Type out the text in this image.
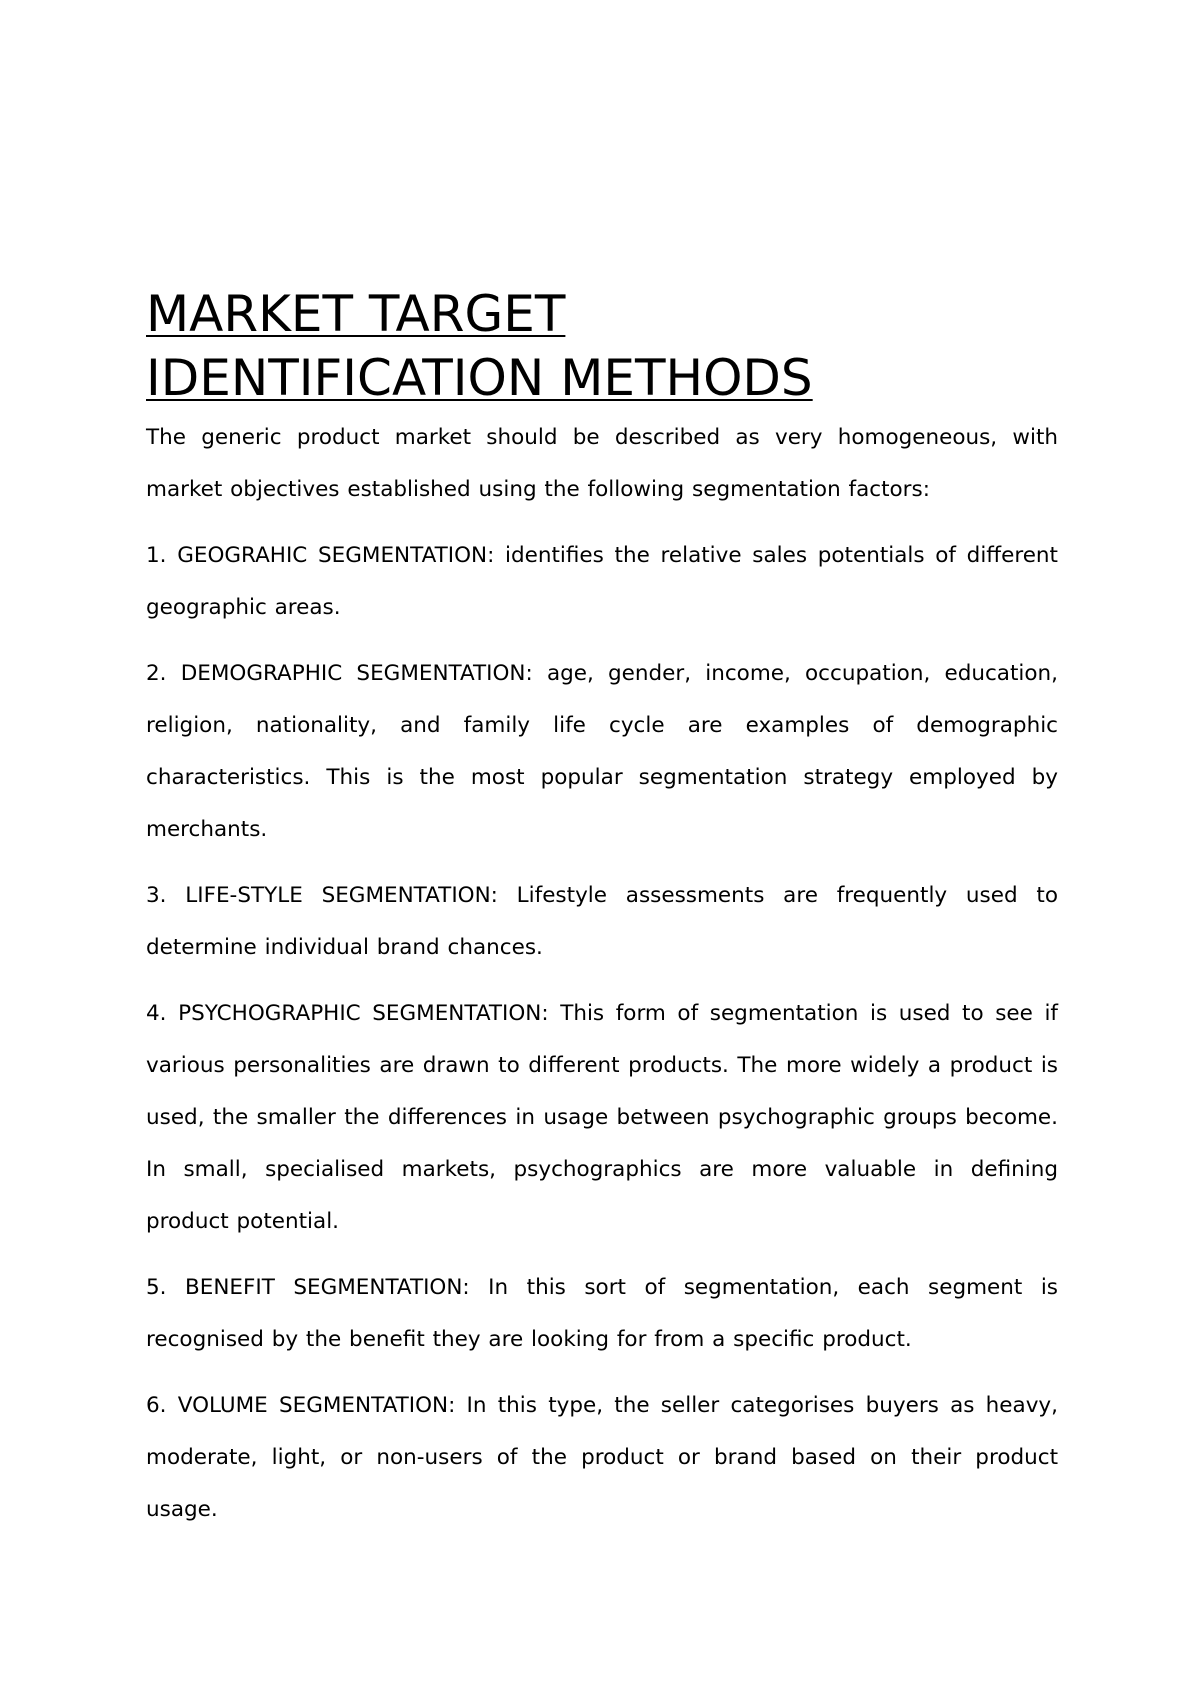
MARKET TARGET
IDENTIFICATION METHODS

The generic product market should be described as very homogeneous, with market objectives established using the following segmentation factors:

1. GEOGRAHIC SEGMENTATION: identifies the relative sales potentials of different geographic areas.

2. DEMOGRAPHIC SEGMENTATION: age, gender, income, occupation, education, religion, nationality, and family life cycle are examples of demographic characteristics. This is the most popular segmentation strategy employed by merchants.

3. LIFE-STYLE SEGMENTATION: Lifestyle assessments are frequently used to determine individual brand chances.

4. PSYCHOGRAPHIC SEGMENTATION: This form of segmentation is used to see if various personalities are drawn to different products. The more widely a product is used, the smaller the differences in usage between psychographic groups become. In small, specialised markets, psychographics are more valuable in defining product potential.

5. BENEFIT SEGMENTATION: In this sort of segmentation, each segment is recognised by the benefit they are looking for from a specific product.

6. VOLUME SEGMENTATION: In this type, the seller categorises buyers as heavy, moderate, light, or non-users of the product or brand based on their product usage.
